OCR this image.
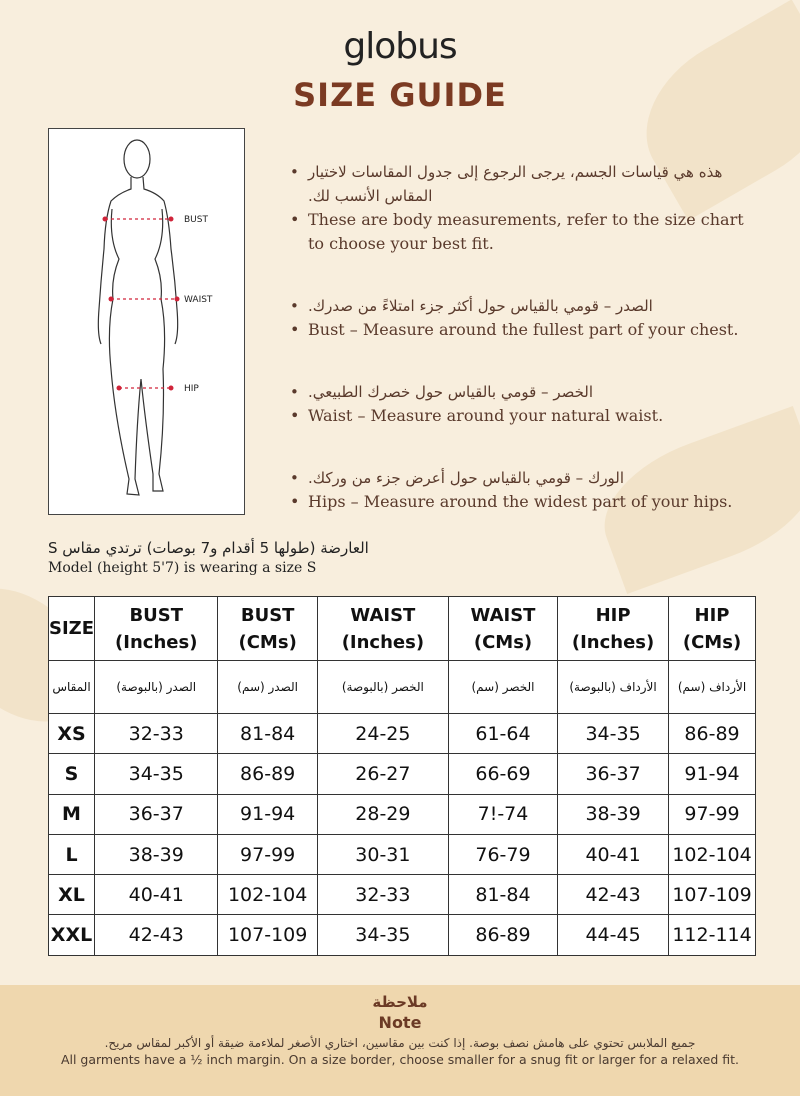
globus
SIZE GUIDE
BUST
WAIST
HIP
• هذه هي قياسات الجسم، يرجى الرجوع إلى جدول المقاسات لاختيار المقاس الأنسب لك.
• These are body measurements, refer to the size chart to choose your best fit.
• الصدر – قومي بالقياس حول أكثر جزء امتلاءً من صدرك.
• Bust – Measure around the fullest part of your chest.
• الخصر – قومي بالقياس حول خصرك الطبيعي.
• Waist – Measure around your natural waist.
• الورك – قومي بالقياس حول أعرض جزء من وركك.
• Hips – Measure around the widest part of your hips.
العارضة (طولها 5 أقدام و7 بوصات) ترتدي مقاس S
Model (height 5'7) is wearing a size S
SIZE	BUST (Inches)	BUST (CMs)	WAIST (Inches)	WAIST (CMs)	HIP (Inches)	HIP (CMs)
المقاس	الصدر (بالبوصة)	الصدر (سم)	الخصر (بالبوصة)	الخصر (سم)	الأرداف (بالبوصة)	الأرداف (سم)
XS	32-33	81-84	24-25	61-64	34-35	86-89
S	34-35	86-89	26-27	66-69	36-37	91-94
M	36-37	91-94	28-29	7!-74	38-39	97-99
L	38-39	97-99	30-31	76-79	40-41	102-104
XL	40-41	102-104	32-33	81-84	42-43	107-109
XXL	42-43	107-109	34-35	86-89	44-45	112-114
ملاحظة
Note
جميع الملابس تحتوي على هامش نصف بوصة. إذا كنت بين مقاسين، اختاري الأصغر لملاءمة ضيقة أو الأكبر لمقاس مريح.
All garments have a ½ inch margin. On a size border, choose smaller for a snug fit or larger for a relaxed fit.
